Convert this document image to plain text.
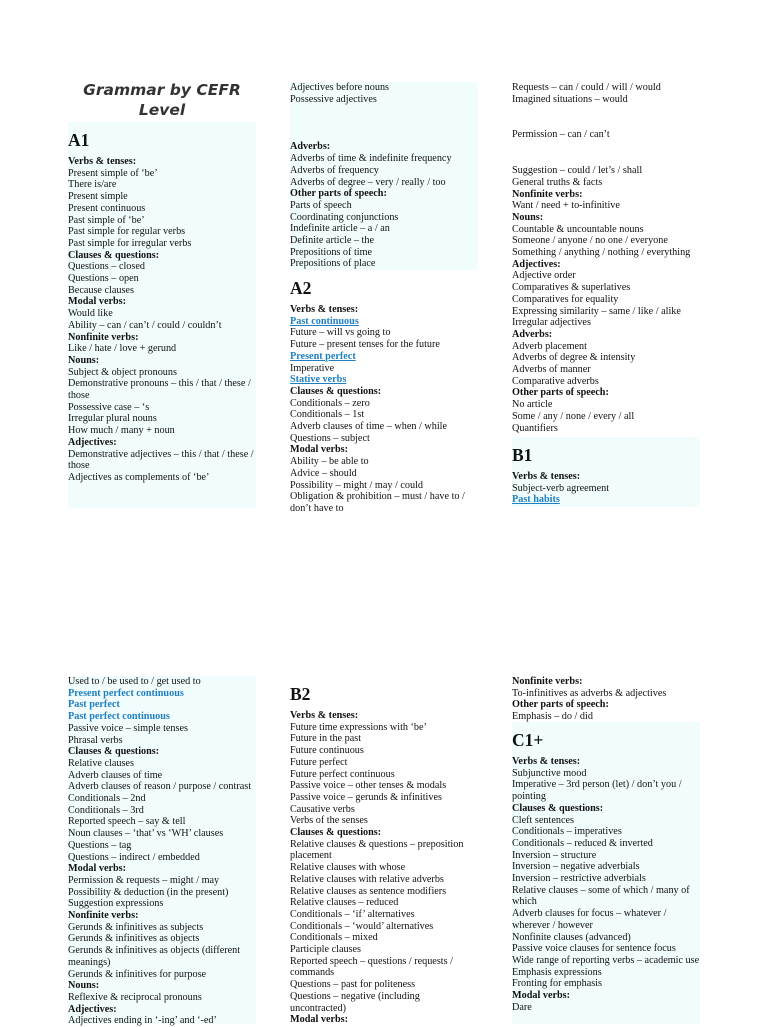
Grammar by CEFR Level
A1
Verbs & tenses:
Present simple of ‘be’
There is/are
Present simple
Present continuous
Past simple of ‘be’
Past simple for regular verbs
Past simple for irregular verbs
Clauses & questions:
Questions – closed
Questions – open
Because clauses
Modal verbs:
Would like
Ability – can / can’t / could / couldn’t
Nonfinite verbs:
Like / hate / love + gerund
Nouns:
Subject & object pronouns
Demonstrative pronouns – this / that / these / those
Possessive case – ‘s
Irregular plural nouns
How much / many + noun
Adjectives:
Demonstrative adjectives – this / that / these / those
Adjectives as complements of ‘be’
Adjectives before nouns
Possessive adjectives
Adverbs:
Adverbs of time & indefinite frequency
Adverbs of frequency
Adverbs of degree – very / really / too
Other parts of speech:
Parts of speech
Coordinating conjunctions
Indefinite article – a / an
Definite article – the
Prepositions of time
Prepositions of place
A2
Verbs & tenses:
Past continuous
Future – will vs going to
Future – present tenses for the future
Present perfect
Imperative
Stative verbs
Clauses & questions:
Conditionals – zero
Conditionals – 1st
Adverb clauses of time – when / while
Questions – subject
Modal verbs:
Ability – be able to
Advice – should
Possibility – might / may / could
Obligation & prohibition – must / have to / don’t have to
Requests – can / could / will / would
Imagined situations – would
Permission – can / can’t
Suggestion – could / let’s / shall
General truths & facts
Nonfinite verbs:
Want / need + to-infinitive
Nouns:
Countable & uncountable nouns
Someone / anyone / no one / everyone
Something / anything / nothing / everything
Adjectives:
Adjective order
Comparatives & superlatives
Comparatives for equality
Expressing similarity – same / like / alike
Irregular adjectives
Adverbs:
Adverb placement
Adverbs of degree & intensity
Adverbs of manner
Comparative adverbs
Other parts of speech:
No article
Some / any / none / every / all
Quantifiers
B1
Verbs & tenses:
Subject-verb agreement
Past habits
Used to / be used to / get used to
Present perfect continuous
Past perfect
Past perfect continuous
Passive voice – simple tenses
Phrasal verbs
Clauses & questions:
Relative clauses
Adverb clauses of time
Adverb clauses of reason / purpose / contrast
Conditionals – 2nd
Conditionals – 3rd
Reported speech – say & tell
Noun clauses – ‘that’ vs ‘WH’ clauses
Questions – tag
Questions – indirect / embedded
Modal verbs:
Permission & requests – might / may
Possibility & deduction (in the present)
Suggestion expressions
Nonfinite verbs:
Gerunds & infinitives as subjects
Gerunds & infinitives as objects
Gerunds & infinitives as objects (different meanings)
Gerunds & infinitives for purpose
Nouns:
Reflexive & reciprocal pronouns
Adjectives:
Adjectives ending in ‘-ing’ and ‘-ed’
B2
Verbs & tenses:
Future time expressions with ‘be’
Future in the past
Future continuous
Future perfect
Future perfect continuous
Passive voice – other tenses & modals
Passive voice – gerunds & infinitives
Causative verbs
Verbs of the senses
Clauses & questions:
Relative clauses & questions – preposition placement
Relative clauses with whose
Relative clauses with relative adverbs
Relative clauses as sentence modifiers
Relative clauses – reduced
Conditionals – ‘if’ alternatives
Conditionals – ‘would’ alternatives
Conditionals – mixed
Participle clauses
Reported speech – questions / requests / commands
Questions – past for politeness
Questions – negative (including uncontracted)
Modal verbs:
Nonfinite verbs:
To-infinitives as adverbs & adjectives
Other parts of speech:
Emphasis – do / did
C1+
Verbs & tenses:
Subjunctive mood
Imperative – 3rd person (let) / don’t you / pointing
Clauses & questions:
Cleft sentences
Conditionals – imperatives
Conditionals – reduced & inverted
Inversion – structure
Inversion – negative adverbials
Inversion – restrictive adverbials
Relative clauses – some of which / many of which
Adverb clauses for focus – whatever / wherever / however
Nonfinite clauses (advanced)
Passive voice clauses for sentence focus
Wide range of reporting verbs – academic use
Emphasis expressions
Fronting for emphasis
Modal verbs:
Dare
